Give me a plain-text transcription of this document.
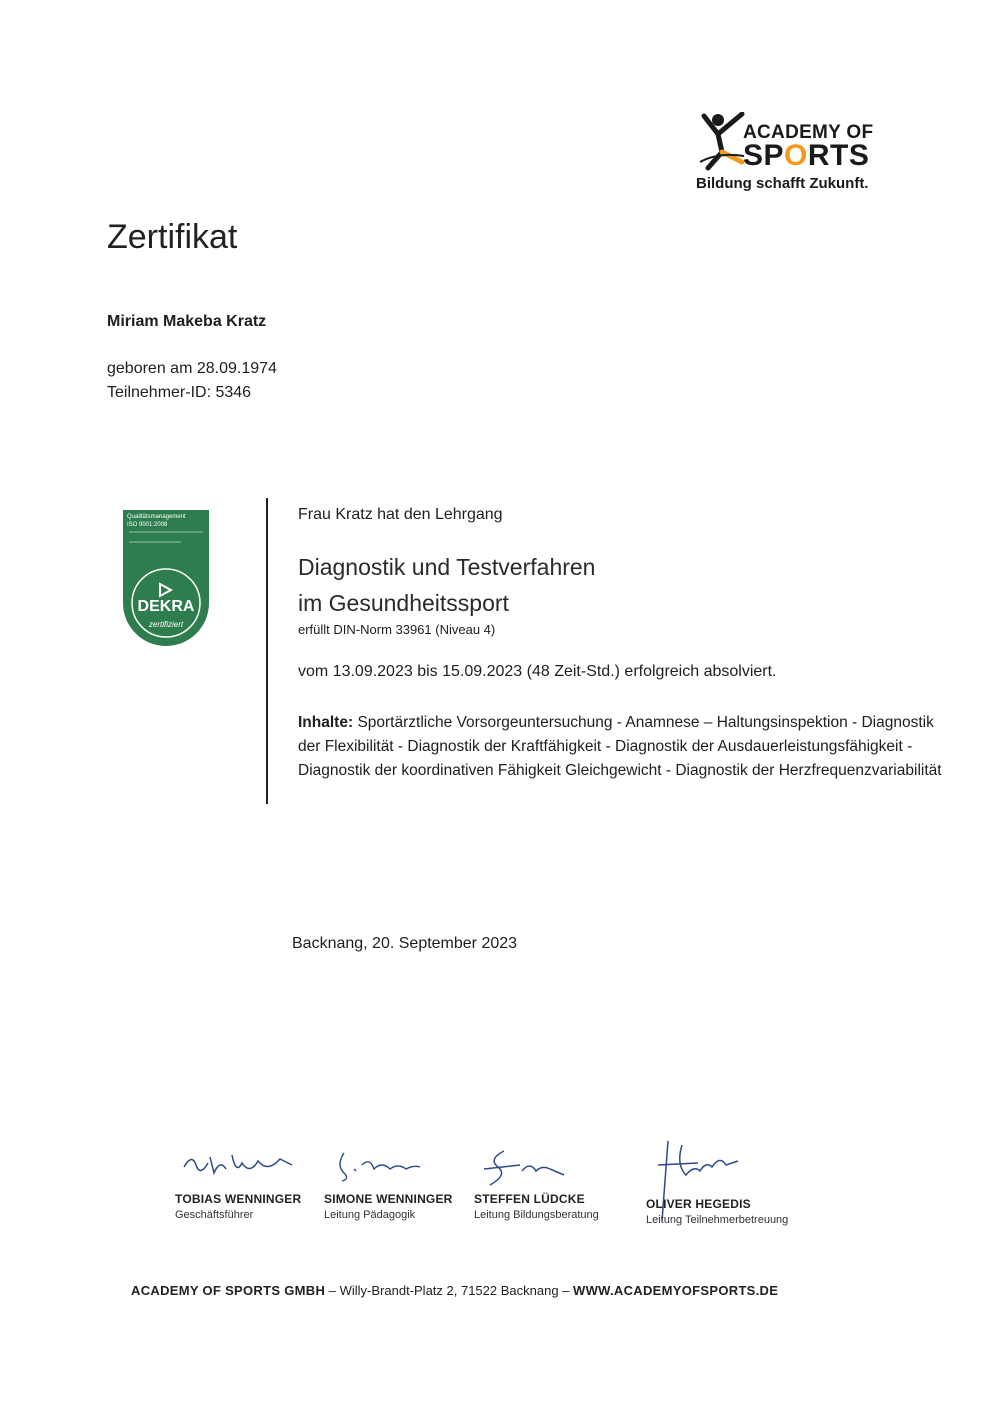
ACADEMY OF
SPORTS
Bildung schafft Zukunft.
Zertifikat
Miriam Makeba Kratz
geboren am 28.09.1974
Teilnehmer-ID: 5346
Qualitätsmanagement
ISO 9001:2008
DEKRA
zertifiziert
Frau Kratz hat den Lehrgang
Diagnostik und Testverfahren
im Gesundheitssport
erfüllt DIN-Norm 33961 (Niveau 4)
vom 13.09.2023 bis 15.09.2023 (48 Zeit-Std.) erfolgreich absolviert.
Inhalte: Sportärztliche Vorsorgeuntersuchung - Anamnese – Haltungsinspektion - Diagnostik der Flexibilität - Diagnostik der Kraftfähigkeit - Diagnostik der Ausdauerleistungsfähigkeit - Diagnostik der koordinativen Fähigkeit Gleichgewicht - Diagnostik der Herzfrequenzvariabilität
Backnang, 20. September 2023
TOBIAS WENNINGER
Geschäftsführer
SIMONE WENNINGER
Leitung Pädagogik
STEFFEN LÜDCKE
Leitung Bildungsberatung
OLIVER HEGEDIS
Leitung Teilnehmerbetreuung
ACADEMY OF SPORTS GMBH – Willy-Brandt-Platz 2, 71522 Backnang – WWW.ACADEMYOFSPORTS.DE
